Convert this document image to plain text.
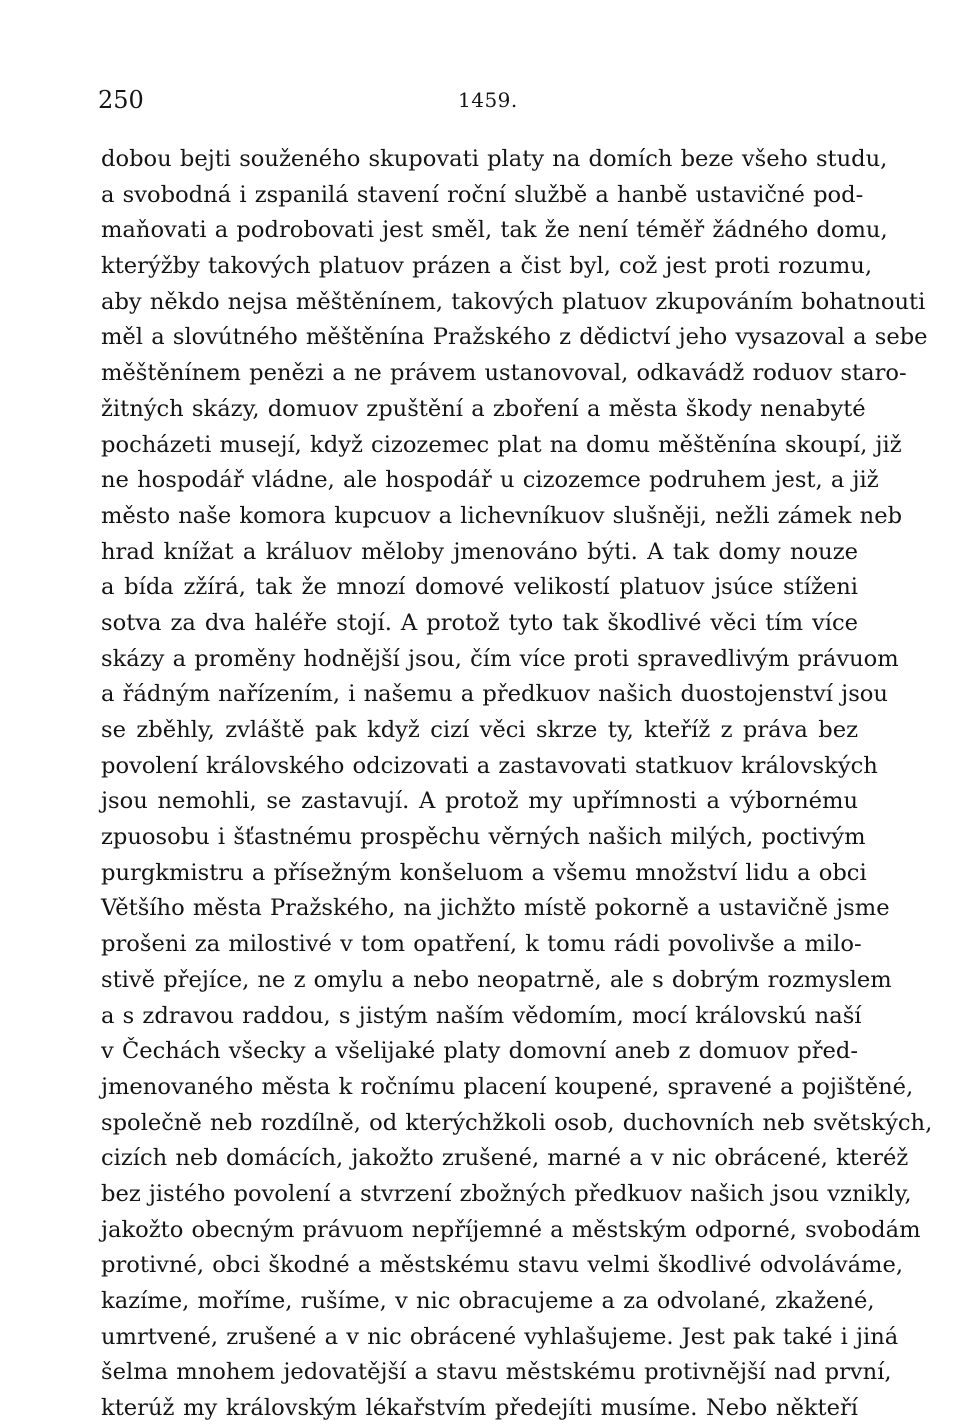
250	1459.
dobou bejti souženého skupovati platy na domích beze všeho studu,
a svobodná i zspanilá stavení roční službě a hanbě ustavičné pod-
maňovati a podrobovati jest směl, tak že není téměř žádného domu,
kterýžby takových platuov prázen a čist byl, což jest proti rozumu,
aby někdo nejsa měštěnínem, takových platuov zkupováním bohatnouti
měl a slovútného měštěnína Pražského z dědictví jeho vysazoval a sebe
měštěnínem penězi a ne právem ustanovoval, odkavádž roduov staro-
žitných skázy, domuov zpuštění a zboření a města škody nenabyté
pocházeti musejí, když cizozemec plat na domu měštěnína skoupí, již
ne hospodář vládne, ale hospodář u cizozemce podruhem jest, a již
město naše komora kupcuov a lichevníkuov slušněji, nežli zámek neb
hrad knížat a králuov měloby jmenováno býti. A tak domy nouze
a bída zžírá, tak že mnozí domové velikostí platuov jsúce stíženi
sotva za dva haléře stojí. A protož tyto tak škodlivé věci tím více
skázy a proměny hodnější jsou, čím více proti spravedlivým právuom
a řádným nařízením, i našemu a předkuov našich duostojenství jsou
se zběhly, zvláště pak když cizí věci skrze ty, kteříž z práva bez
povolení královského odcizovati a zastavovati statkuov královských
jsou nemohli, se zastavují. A protož my upřímnosti a výbornému
zpuosobu i šťastnému prospěchu věrných našich milých, poctivým
purgkmistru a přísežným konšeluom a všemu množství lidu a obci
Většího města Pražského, na jichžto místě pokorně a ustavičně jsme
prošeni za milostivé v tom opatření, k tomu rádi povolivše a milo-
stivě přejíce, ne z omylu a nebo neopatrně, ale s dobrým rozmyslem
a s zdravou raddou, s jistým naším vědomím, mocí královskú naší
v Čechách všecky a všelijaké platy domovní aneb z domuov před-
jmenovaného města k ročnímu placení koupené, spravené a pojištěné,
společně neb rozdílně, od kterýchžkoli osob, duchovních neb světských,
cizích neb domácích, jakožto zrušené, marné a v nic obrácené, kteréž
bez jistého povolení a stvrzení zbožných předkuov našich jsou vznikly,
jakožto obecným právuom nepříjemné a městským odporné, svobodám
protivné, obci škodné a městskému stavu velmi škodlivé odvoláváme,
kazíme, moříme, rušíme, v nic obracujeme a za odvolané, zkažené,
umrtvené, zrušené a v nic obrácené vyhlašujeme. Jest pak také i jiná
šelma mnohem jedovatější a stavu městskému protivnější nad první,
kterúž my královským lékařstvím předejíti musíme. Nebo někteří
